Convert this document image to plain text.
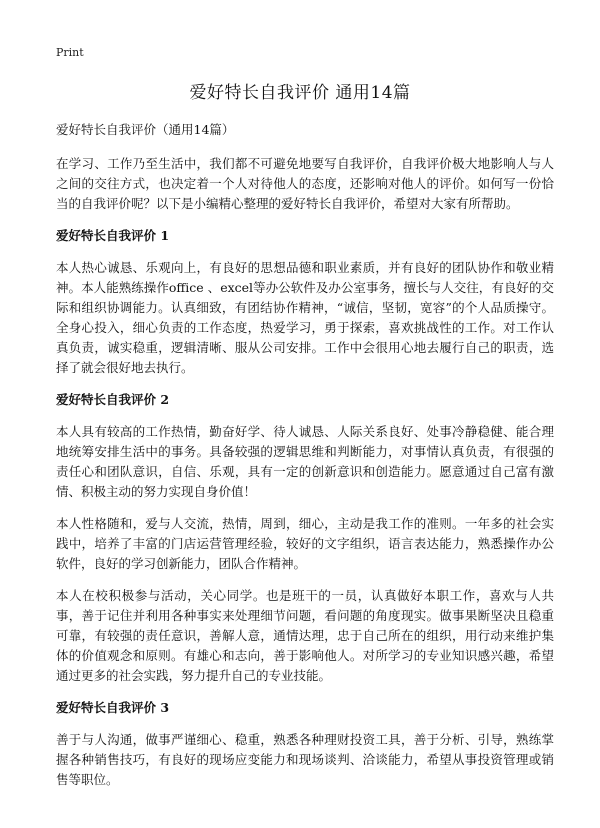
Print
爱好特长自我评价 通用14篇

爱好特长自我评价（通用14篇）

在学习、工作乃至生活中，我们都不可避免地要写自我评价，自我评价极大地影响人与人之间的交往方式，也决定着一个人对待他人的态度，还影响对他人的评价。如何写一份恰当的自我评价呢？以下是小编精心整理的爱好特长自我评价，希望对大家有所帮助。

爱好特长自我评价 1

本人热心诚恳、乐观向上，有良好的思想品德和职业素质，并有良好的团队协作和敬业精神。本人能熟练操作office 、excel等办公软件及办公室事务，擅长与人交往，有良好的交际和组织协调能力。认真细致，有团结协作精神，“诚信，坚韧，宽容”的个人品质操守。全身心投入，细心负责的工作态度，热爱学习，勇于探索，喜欢挑战性的工作。对工作认真负责，诚实稳重，逻辑清晰、服从公司安排。工作中会很用心地去履行自己的职责，选择了就会很好地去执行。

爱好特长自我评价 2

本人具有较高的工作热情，勤奋好学、待人诚恳、人际关系良好、处事冷静稳健、能合理地统筹安排生活中的事务。具备较强的逻辑思维和判断能力，对事情认真负责，有很强的责任心和团队意识，自信、乐观，具有一定的创新意识和创造能力。愿意通过自己富有激情、积极主动的努力实现自身价值！

本人性格随和，爱与人交流，热情，周到，细心，主动是我工作的准则。一年多的社会实践中，培养了丰富的门店运营管理经验，较好的文字组织，语言表达能力，熟悉操作办公软件，良好的学习创新能力，团队合作精神。

本人在校积极参与活动，关心同学。也是班干的一员，认真做好本职工作，喜欢与人共事，善于记住并利用各种事实来处理细节问题，看问题的角度现实。做事果断坚决且稳重可靠，有较强的责任意识，善解人意，通情达理，忠于自己所在的组织，用行动来维护集体的价值观念和原则。有雄心和志向，善于影响他人。对所学习的专业知识感兴趣，希望通过更多的社会实践，努力提升自己的专业技能。

爱好特长自我评价 3

善于与人沟通，做事严谨细心、稳重，熟悉各种理财投资工具，善于分析、引导，熟练掌握各种销售技巧，有良好的现场应变能力和现场谈判、洽谈能力，希望从事投资管理或销售等职位。
